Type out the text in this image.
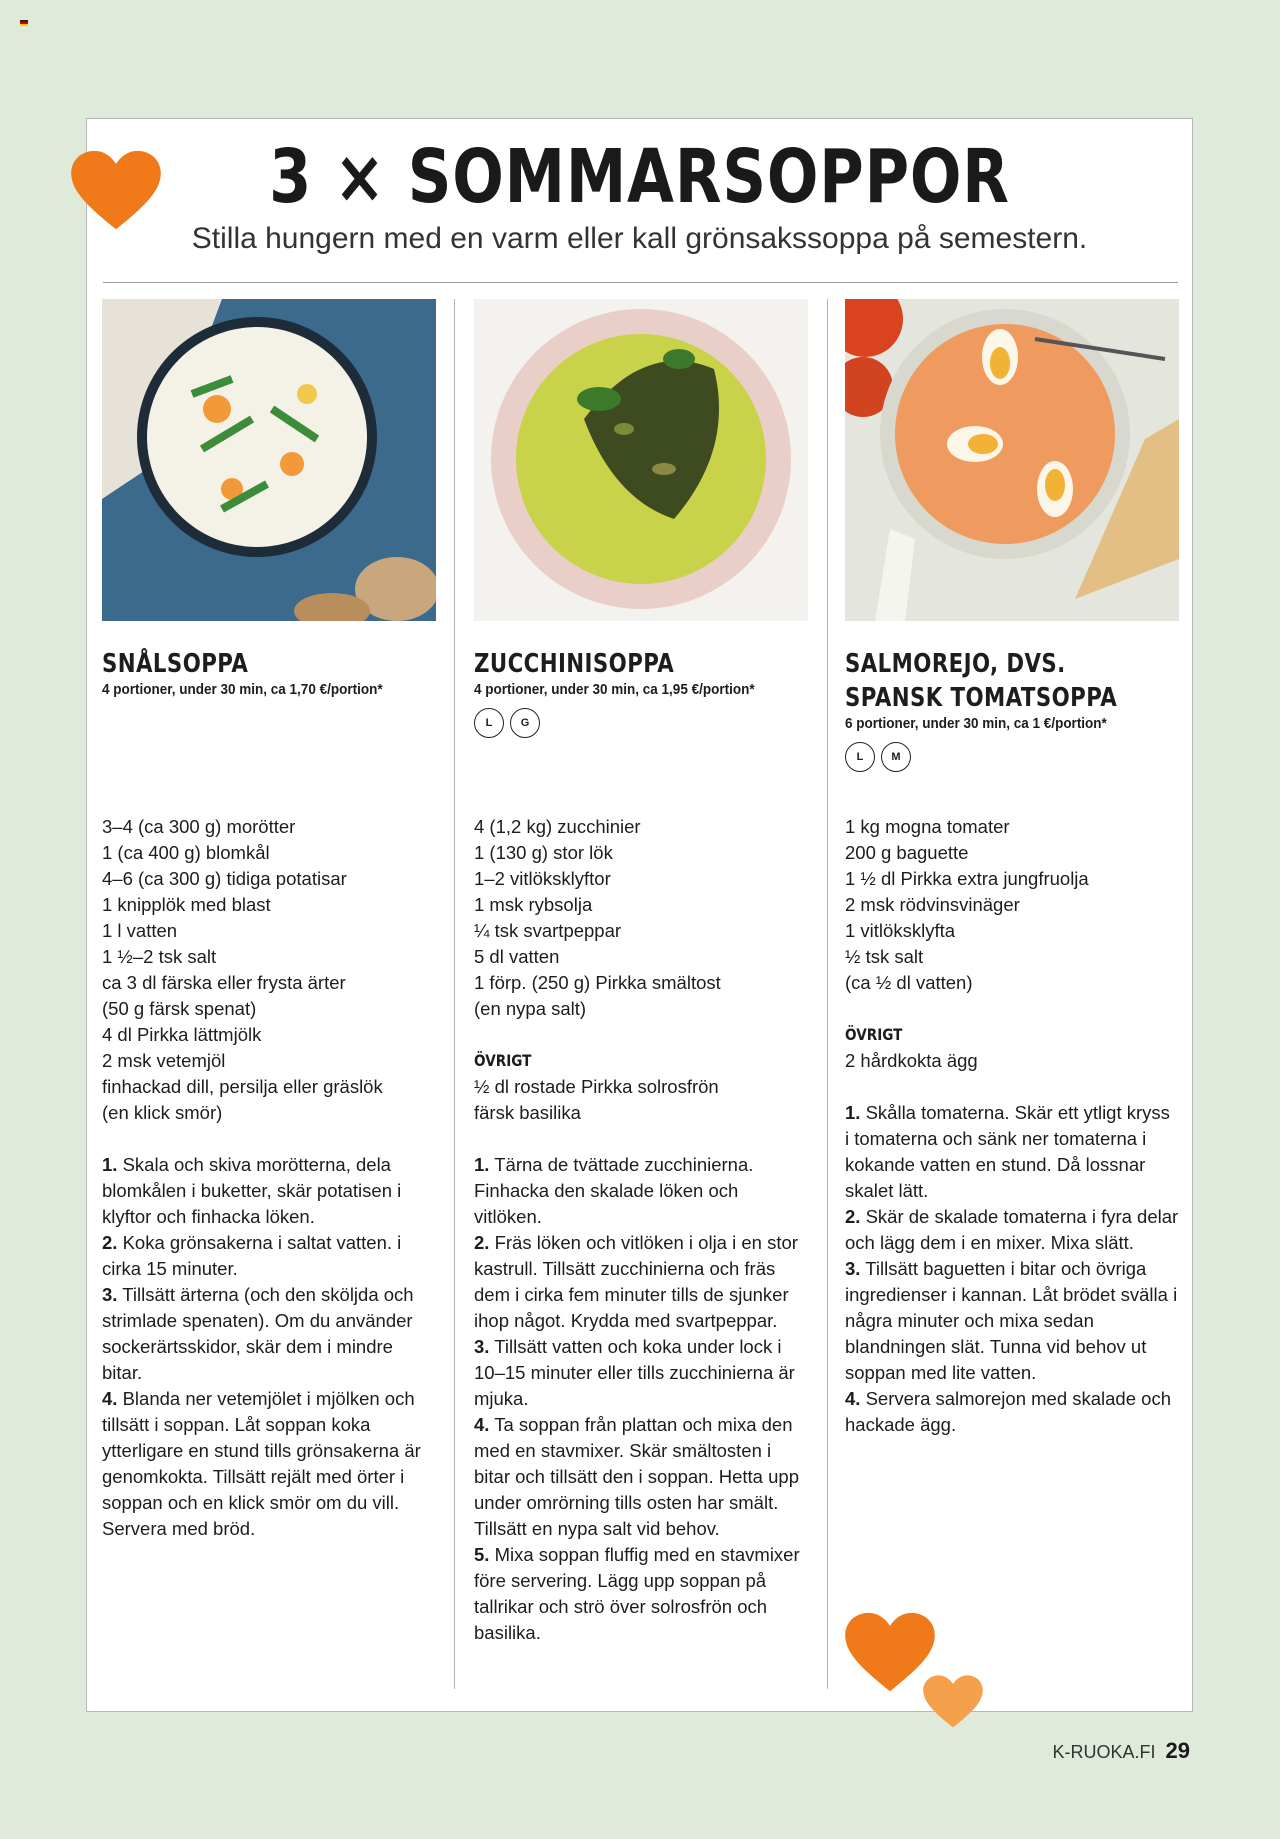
3 × SOMMARSOPPOR
Stilla hungern med en varm eller kall grönsakssoppa på semestern.
SNÅLSOPPA
4 portioner, under 30 min, ca 1,70 €/portion*

3–4 (ca 300 g) morötter

1 (ca 400 g) blomkål

4–6 (ca 300 g) tidiga potatisar

1 knipplök med blast

1 l vatten

1 ½–2 tsk salt

ca 3 dl färska eller frysta ärter

(50 g färsk spenat)

4 dl Pirkka lättmjölk

2 msk vetemjöl

finhackad dill, persilja eller gräslök

(en klick smör)

1. Skala och skiva morötterna, dela blomkålen i buketter, skär potatisen i klyftor och finhacka löken.

2. Koka grönsakerna i saltat vatten. i cirka 15 minuter.

3. Tillsätt ärterna (och den sköljda och strimlade spenaten). Om du använder sockerärtsskidor, skär dem i mindre bitar.

4. Blanda ner vetemjölet i mjölken och tillsätt i soppan. Låt soppan koka ytterligare en stund tills grönsakerna är genomkokta. Tillsätt rejält med örter i soppan och en klick smör om du vill. Servera med bröd.

ZUCCHINISOPPA
4 portioner, under 30 min, ca 1,95 €/portion*
L	G

4 (1,2 kg) zucchinier

1 (130 g) stor lök

1–2 vitlöksklyftor

1 msk rybsolja

¼ tsk svartpeppar

5 dl vatten

1 förp. (250 g) Pirkka smältost

(en nypa salt)

ÖVRIGT

½ dl rostade Pirkka solrosfrön

färsk basilika

1. Tärna de tvättade zucchinierna. Finhacka den skalade löken och vitlöken.

2. Fräs löken och vitlöken i olja i en stor kastrull. Tillsätt zucchinierna och fräs dem i cirka fem minuter tills de sjunker ihop något. Krydda med svartpeppar.

3. Tillsätt vatten och koka under lock i 10–15 minuter eller tills zucchinierna är mjuka.

4. Ta soppan från plattan och mixa den med en stavmixer. Skär smältosten i bitar och tillsätt den i soppan. Hetta upp under omrörning tills osten har smält. Tillsätt en nypa salt vid behov.

5. Mixa soppan fluffig med en stavmixer före servering. Lägg upp soppan på tallrikar och strö över solrosfrön och basilika.

SALMOREJO, DVS. SPANSK TOMATSOPPA
6 portioner, under 30 min, ca 1 €/portion*
L	M

1 kg mogna tomater

200 g baguette

1 ½ dl Pirkka extra jungfruolja

2 msk rödvinsvinäger

1 vitlöksklyfta

½ tsk salt

(ca ½ dl vatten)

ÖVRIGT

2 hårdkokta ägg

1. Skålla tomaterna. Skär ett ytligt kryss i tomaterna och sänk ner tomaterna i kokande vatten en stund. Då lossnar skalet lätt.

2. Skär de skalade tomaterna i fyra delar och lägg dem i en mixer. Mixa slätt.

3. Tillsätt baguetten i bitar och övriga ingredienser i kannan. Låt brödet svälla i några minuter och mixa sedan blandningen slät. Tunna vid behov ut soppan med lite vatten.

4. Servera salmorejon med skalade och hackade ägg.

K-RUOKA.FI 29
